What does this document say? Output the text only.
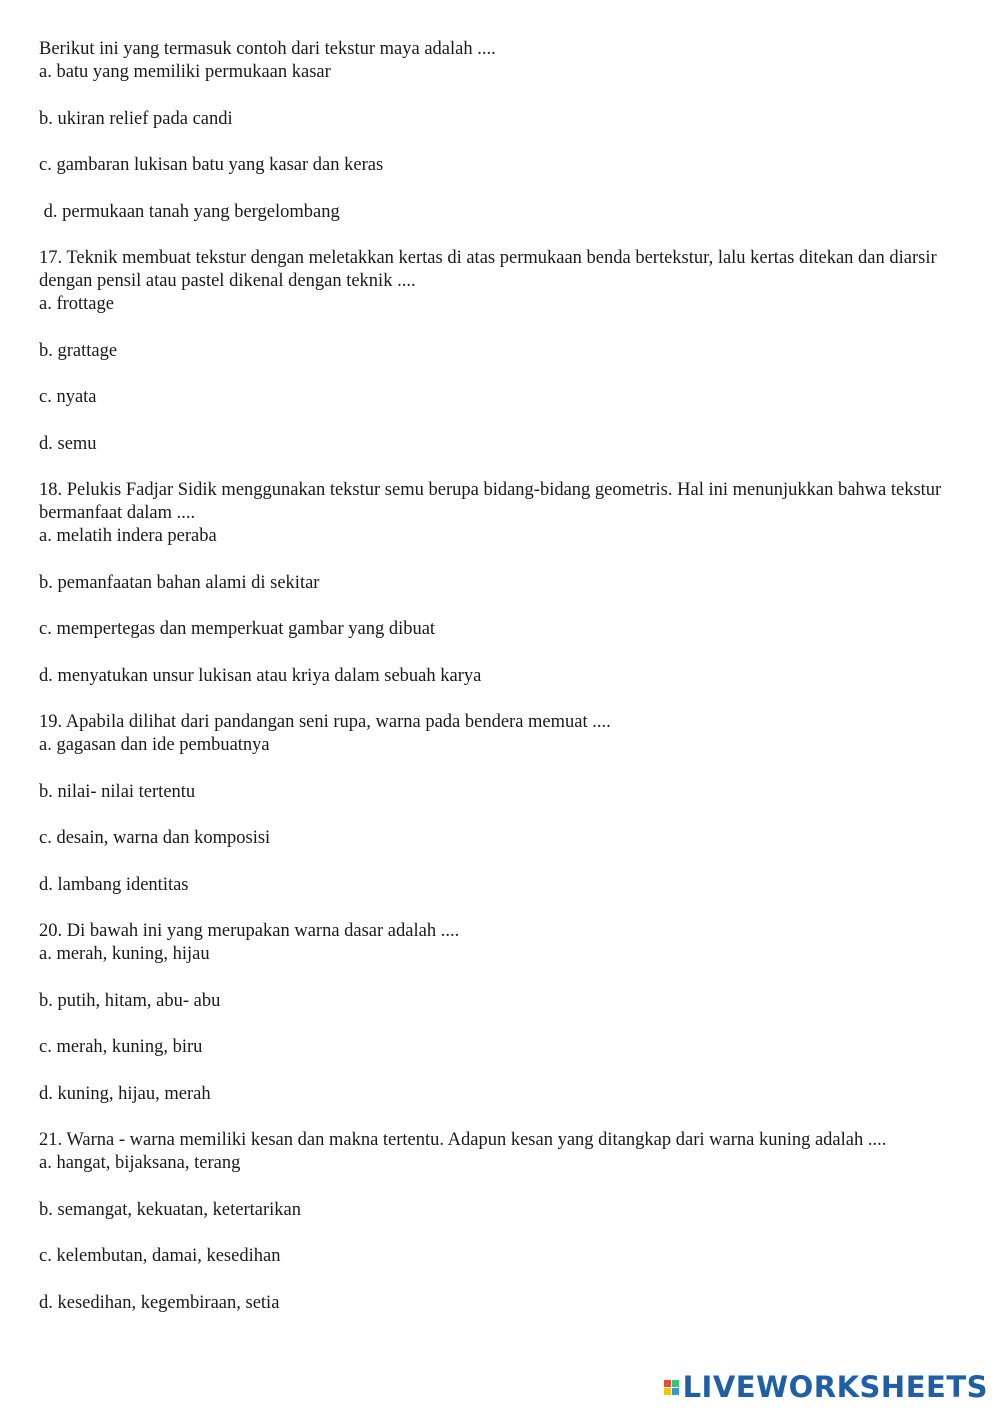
Berikut ini yang termasuk contoh dari tekstur maya adalah ....
a. batu yang memiliki permukaan kasar
b. ukiran relief pada candi
c. gambaran lukisan batu yang kasar dan keras
d. permukaan tanah yang bergelombang
17. Teknik membuat tekstur dengan meletakkan kertas di atas permukaan benda bertekstur, lalu kertas ditekan dan diarsir dengan pensil atau pastel dikenal dengan teknik ....
a. frottage
b. grattage
c. nyata
d. semu
18. Pelukis Fadjar Sidik menggunakan tekstur semu berupa bidang-bidang geometris. Hal ini menunjukkan bahwa tekstur bermanfaat dalam ....
a. melatih indera peraba
b. pemanfaatan bahan alami di sekitar
c. mempertegas dan memperkuat gambar yang dibuat
d. menyatukan unsur lukisan atau kriya dalam sebuah karya
19. Apabila dilihat dari pandangan seni rupa, warna pada bendera memuat ....
a. gagasan dan ide pembuatnya
b. nilai- nilai tertentu
c. desain, warna dan komposisi
d. lambang identitas
20. Di bawah ini yang merupakan warna dasar adalah ....
a. merah, kuning, hijau
b. putih, hitam, abu- abu
c. merah, kuning, biru
d. kuning, hijau, merah
21. Warna - warna memiliki kesan dan makna tertentu. Adapun kesan yang ditangkap dari warna kuning adalah ....
a. hangat, bijaksana, terang
b. semangat, kekuatan, ketertarikan
c. kelembutan, damai, kesedihan
d. kesedihan, kegembiraan, setia
LIVEWORKSHEETS
